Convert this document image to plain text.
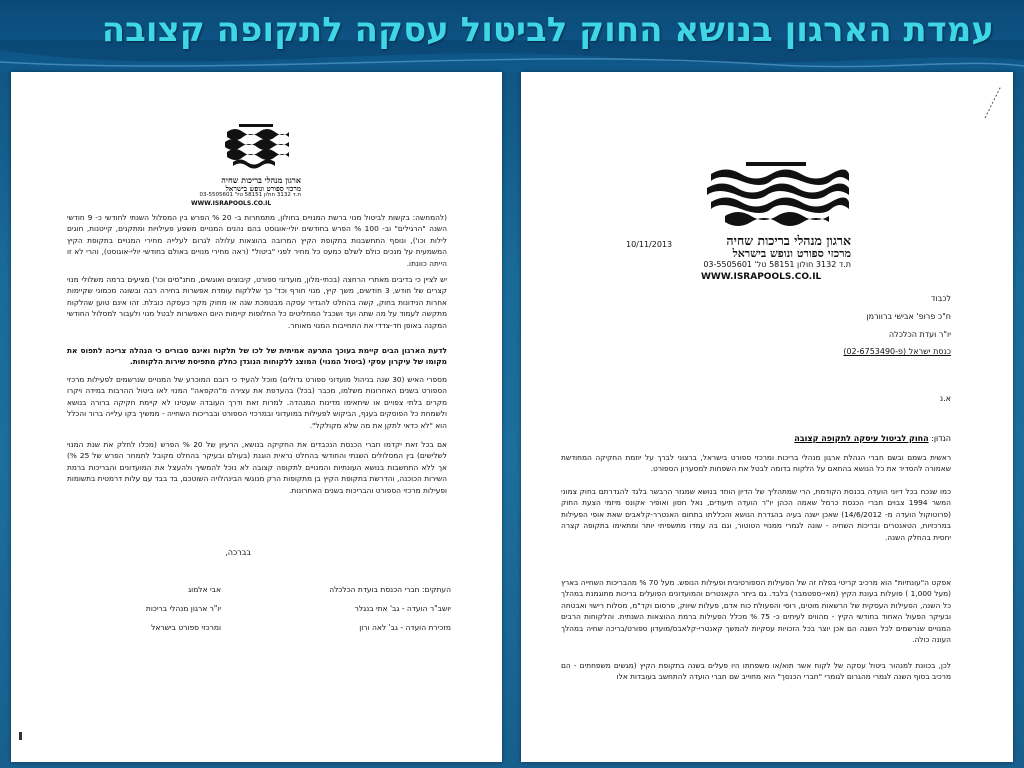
עמדת הארגון בנושא החוק לביטול עסקה לתקופה קצובה
ארגון מנהלי בריכות שחיה
מרכזי ספורט ונופש בישראל
ת.ד 3132 חולון 58151 טל' 03-5505601
WWW.ISRAPOOLS.CO.IL
(להמחשה: בקשות לביטול מנוי ברשת המנויים בחולון, מתמחרות ב- 20 % הפרש בין המסלול השנתי לחודשי כ- 9 חודשי השנה "הרגילים" וב- 100 % הפרש בחודשים יולי-אוגוסט בהם נהנים המנויים משפע פעילויות ומתקנים, קייטנות, חוגים לילות וכו'), ונוסף התחשבנות בתקופת הקיץ המרובה בהוצאות עלולה לגרום לעלייה מחירי המנויים בתקופת הקיץ המשמעית על מנכים כולם לשלם כמעט כל מחיר לפני "ביטול" (ראה מחירי מנויים באולם בחודשי יולי-אוגוסט), והרי לא זו הייתה כוונתו.
יש לציין כי בדיבים מאתרי הרחצה (בכתי-מלון, מועדוני ספורט, קיבוצים ואוגשים, מתנ"סים וכו') מציעים ברמה משלולי מנוי קצרים של חודש, 3 חודשים, משך קיץ, מנוי חורף וכד' כך שללקוח עומדת אפשרות בחירה רבה ובשונה מכמוני שקיימות אחרות הנידונות בחוק, קשה בהחלט להגדיר עסקה מבטמכת שנה או מחוק מקר כעסקה כובלת. זהו אינם טוען שהלקוח מתקשה לעמוד על מה שתה ועד ושכבל המחליטים כל החלופות קיימות היום האפשרות לבטל מנוי ולעבור למסלול החודשי המקנה באופן חד-צדדי את התחייבות המנוי מאוחר.
לדעת הארגון הבים קיימת בעוכך התרעה אמיתית של לכו של תלקוח ואינם סבורים כי הנהלה צריכה לתפוס את מקומו של עיקרון עסקי (ביטול המנוי) המוצג ללקוחות הנוגדן כחלק מתפיסת שירות הלקוחות.
מספרי האיש (30 שנה בניהול מועדוני ספורט גדולים) מוכל להעיד כי רובם המוכרע של המנויים שנרשמים לפעילות מרכזי הספורט בשנים האחרונות משלמו, מכבר (בכל) בהעדפת את עצירה מ"הקפאה" המנוי לאו ביטול ההרבות במידה ויקרו מקרים בלתי צפויים או שיתאימו מדינות המנהדה. למרות זאת ודרך העובדה שעטינו לא קיימת חקיקה ברורה בנושא ולשמחת כל הפוסקים בענף, הביקוש לפעילות במועדוני ובמרכזי הספורט ובבריכות השחייה - ממשיך בקו עלייה ברור והכלל הוא "לא כדאי לתקן את מה שלא מקולקל".
אם בכל זאת יקדמו חברי הכנסת הנכבדים את החקיקה בנושא, הרעיון של 20 % הפרש (מכלו לחלק את שנת המנוי לשלישים) בין המסלולים השנתי והחודשי בהחלט נראית הוגנת (בעולם ובעיקר בהחלט מקובל לתמחר הפרש של 25 %) אך ללא התחשבות בנושא העונתיות והמנויים לתקופה קצובה לא נוכל להמשיך ולהעצל את המועדונים והבריכות ברמת השירות הכוכנה, והדרשת בתקופת הקיץ בן מתקופות הרק מנוגשי הבינהלויה השוטכם, בד בבד עם עלות דרמטית בתשומות ופעילות מרכזי הספורט והבריכות בשנים האחרונות.
בברכה,
העתקים: חברי הכנסת בועדת הכלכלה
יושב"ר הועדה - גב' אתי בנגלר
מזכירת הועדה - גב' לאה ורון
אבי אלמוג
יו"ר ארגון מנהלי בריכות
ומרכזי ספורט בישראל
10/11/2013	ארגון מנהלי בריכות שחיה
מרכזי ספורט ונופש בישראל
ת.ד 3132 חולון 58151 טל' 03-5505601
WWW.ISRAPOOLS.CO.IL
לכבוד
ח"כ פרופ' אבישי ברוורמן
יו"ר ועדת הכלכלה
כנסת ישראל (פ-02-6753490)
א.נ
הנדון: החוק לביטול עיסקה לתקופה קצובה
ראשית בשמם ובשם חברי הנהלת ארגון מנהלי בריכות ומרכזי ספורט בישראל, ברצוני לברך על יוזמת החקיקה המחודשת שאמורה להסדיר את כל הנושא בהתאם על הלקוח בדומה לבטל את השפחות למסערון הספורט.
כמו שנכח בכל דיוני הועדה בכנסת הקודמת, הרי שמתהליך של הדיון הוחד בנושא שמגזר הרבשר בלגד להגדרתם בחוק צמוני המשר 1994 צבוים חברי הכנסת כרמל שאמה הכהן יו"ר הועדה תיעודים, נאל חסון ואופיר אקונס מיזמי הצעת החוק (פרוטוקול הועדה מ- 14/6/2012) שאכן ישנה בעיה בהגדרת הנושא והכללתו בתחום האנטרר-קלאבים שאת אופי הפעילות במרכזיות, הטאנטרים ובריכות השחיה - שונה לגמרי ממנויי הטוטור, וגם בה עמדו מתשפיתי יותר ומתאימו בתקופה קצרה יחסית בהחלק השנה.
אפקט ה"עונתיות" הוא מרכיב קריטי בפלח זה של הפעילות הספורטיבית ופעילות הנופש. מעל 70 % מהבריכות השחייה בארץ (מעל 1,000 ) פועלות בעונת הקיץ (מאי-ספטמבר) בלבד. גם ביתר הקאנטרים והמועדונים הפועלים בריכות מתוגמנת במהלך כל השנה, הפעילות העסקית של הרשאות מוטים, רוסי והפעולת כוח אדם, פעלות שיווק, פרסום וקד"מ, מסלות רישוי ואבטחה ובעיקר הפעול האחוד בחודשי הקיץ - מהווים לעיתים כ- 75 % מכלל הפעילות ברמת ההוצאות השנתית. והלקוחות הרבים המנויים שנרשמים לכל השנה הם אכן יוצר בכל הזכויות עסקיות להמשך קאנטרי-קלאבס/מועדון ספורט/בריכה שחיה במהלך העונה כולה.
לכן, בכוונת למנהור ביטול עסקה של לקוח אשר תוא/או משפחתו היו פעלים בשנה בתקופת הקיץ (מגשים משפחתים - הם מרכיב בסוף השנה לגמרי מהגרום לגומרי "חברי הכנסך" הוא מחוייב שם חברי הועדה להתחשב בעובדות אלו
